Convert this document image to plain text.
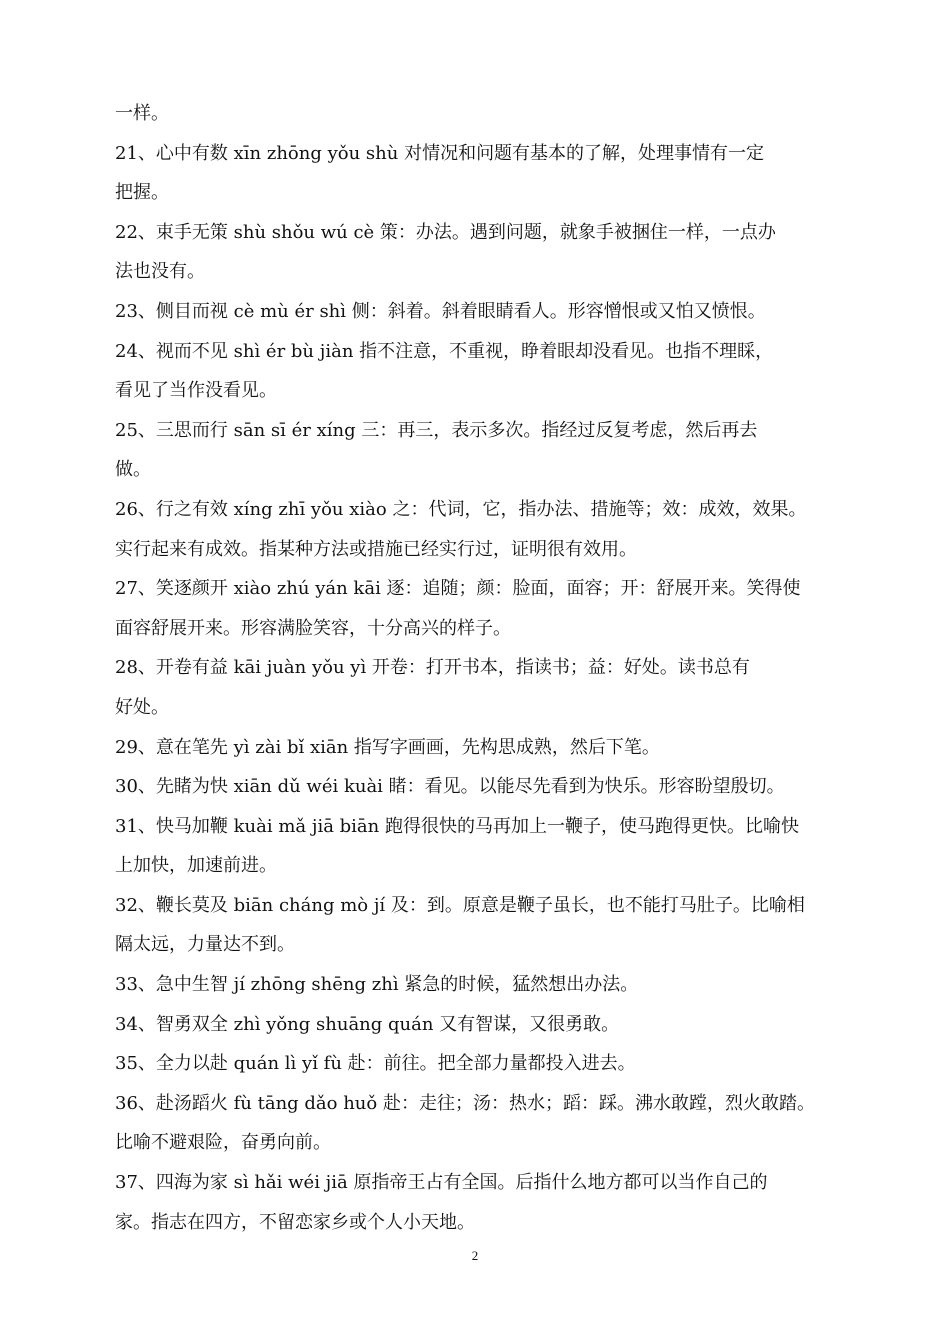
一样。
21、心中有数 xīn zhōng yǒu shù 对情况和问题有基本的了解，处理事情有一定
把握。
22、束手无策 shù shǒu wú cè 策：办法。遇到问题，就象手被捆住一样，一点办
法也没有。
23、侧目而视 cè mù ér shì 侧：斜着。斜着眼睛看人。形容憎恨或又怕又愤恨。
24、视而不见 shì ér bù jiàn 指不注意，不重视，睁着眼却没看见。也指不理睬，
看见了当作没看见。
25、三思而行 sān sī ér xíng 三：再三，表示多次。指经过反复考虑，然后再去
做。
26、行之有效 xíng zhī yǒu xiào 之：代词，它，指办法、措施等；效：成效，效果。
实行起来有成效。指某种方法或措施已经实行过，证明很有效用。
27、笑逐颜开 xiào zhú yán kāi 逐：追随；颜：脸面，面容；开：舒展开来。笑得使
面容舒展开来。形容满脸笑容，十分高兴的样子。
28、开卷有益 kāi juàn yǒu yì 开卷：打开书本，指读书；益：好处。读书总有
好处。
29、意在笔先 yì zài bǐ xiān 指写字画画，先构思成熟，然后下笔。
30、先睹为快 xiān dǔ wéi kuài 睹：看见。以能尽先看到为快乐。形容盼望殷切。
31、快马加鞭 kuài mǎ jiā biān 跑得很快的马再加上一鞭子，使马跑得更快。比喻快
上加快，加速前进。
32、鞭长莫及 biān cháng mò jí 及：到。原意是鞭子虽长，也不能打马肚子。比喻相
隔太远，力量达不到。
33、急中生智 jí zhōng shēng zhì 紧急的时候，猛然想出办法。
34、智勇双全 zhì yǒng shuāng quán 又有智谋，又很勇敢。
35、全力以赴 quán lì yǐ fù 赴：前往。把全部力量都投入进去。
36、赴汤蹈火 fù tāng dǎo huǒ 赴：走往；汤：热水；蹈：踩。沸水敢蹚，烈火敢踏。
比喻不避艰险，奋勇向前。
37、四海为家 sì hǎi wéi jiā 原指帝王占有全国。后指什么地方都可以当作自己的
家。指志在四方，不留恋家乡或个人小天地。
2
